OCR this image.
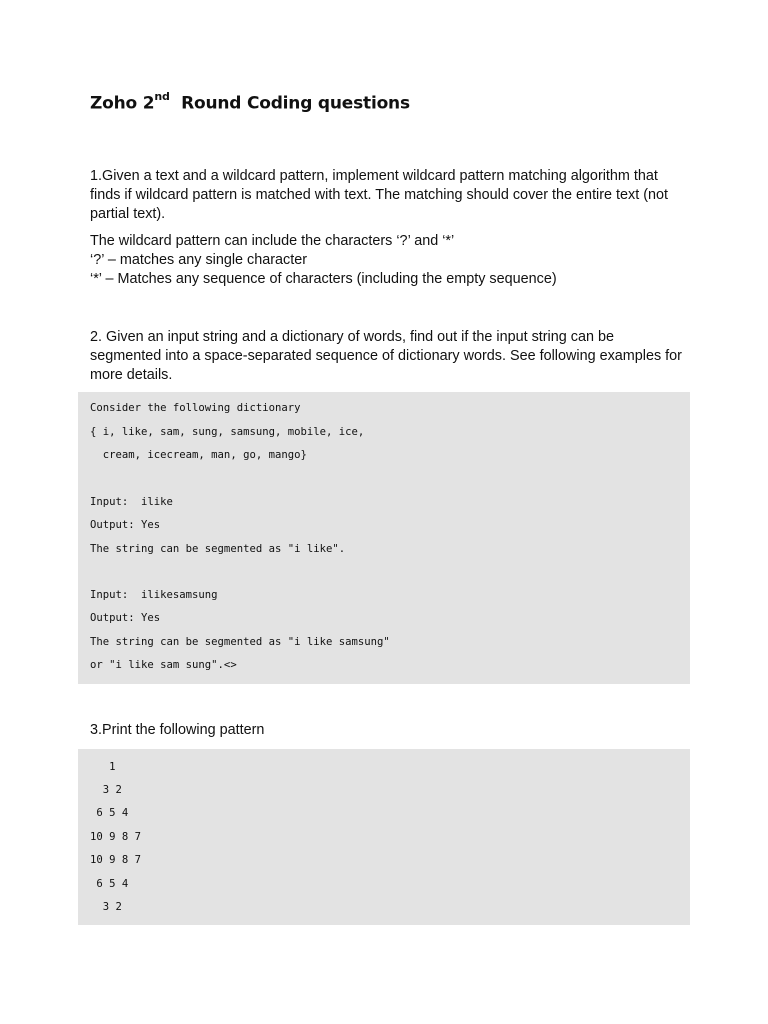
Zoho 2nd  Round Coding questions
1.Given a text and a wildcard pattern, implement wildcard pattern matching algorithm that finds if wildcard pattern is matched with text. The matching should cover the entire text (not partial text).
The wildcard pattern can include the characters ‘?’ and ‘*’
‘?’ – matches any single character
‘*’ – Matches any sequence of characters (including the empty sequence)
2. Given an input string and a dictionary of words, find out if the input string can be segmented into a space-separated sequence of dictionary words. See following examples for more details.
Consider the following dictionary
{ i, like, sam, sung, samsung, mobile, ice,
cream, icecream, man, go, mango}
Input:  ilike
Output: Yes
The string can be segmented as "i like".
Input:  ilikesamsung
Output: Yes
The string can be segmented as "i like samsung"
or "i like sam sung".<>
3.Print the following pattern
1
3 2
6 5 4
10 9 8 7
10 9 8 7
6 5 4
3 2
